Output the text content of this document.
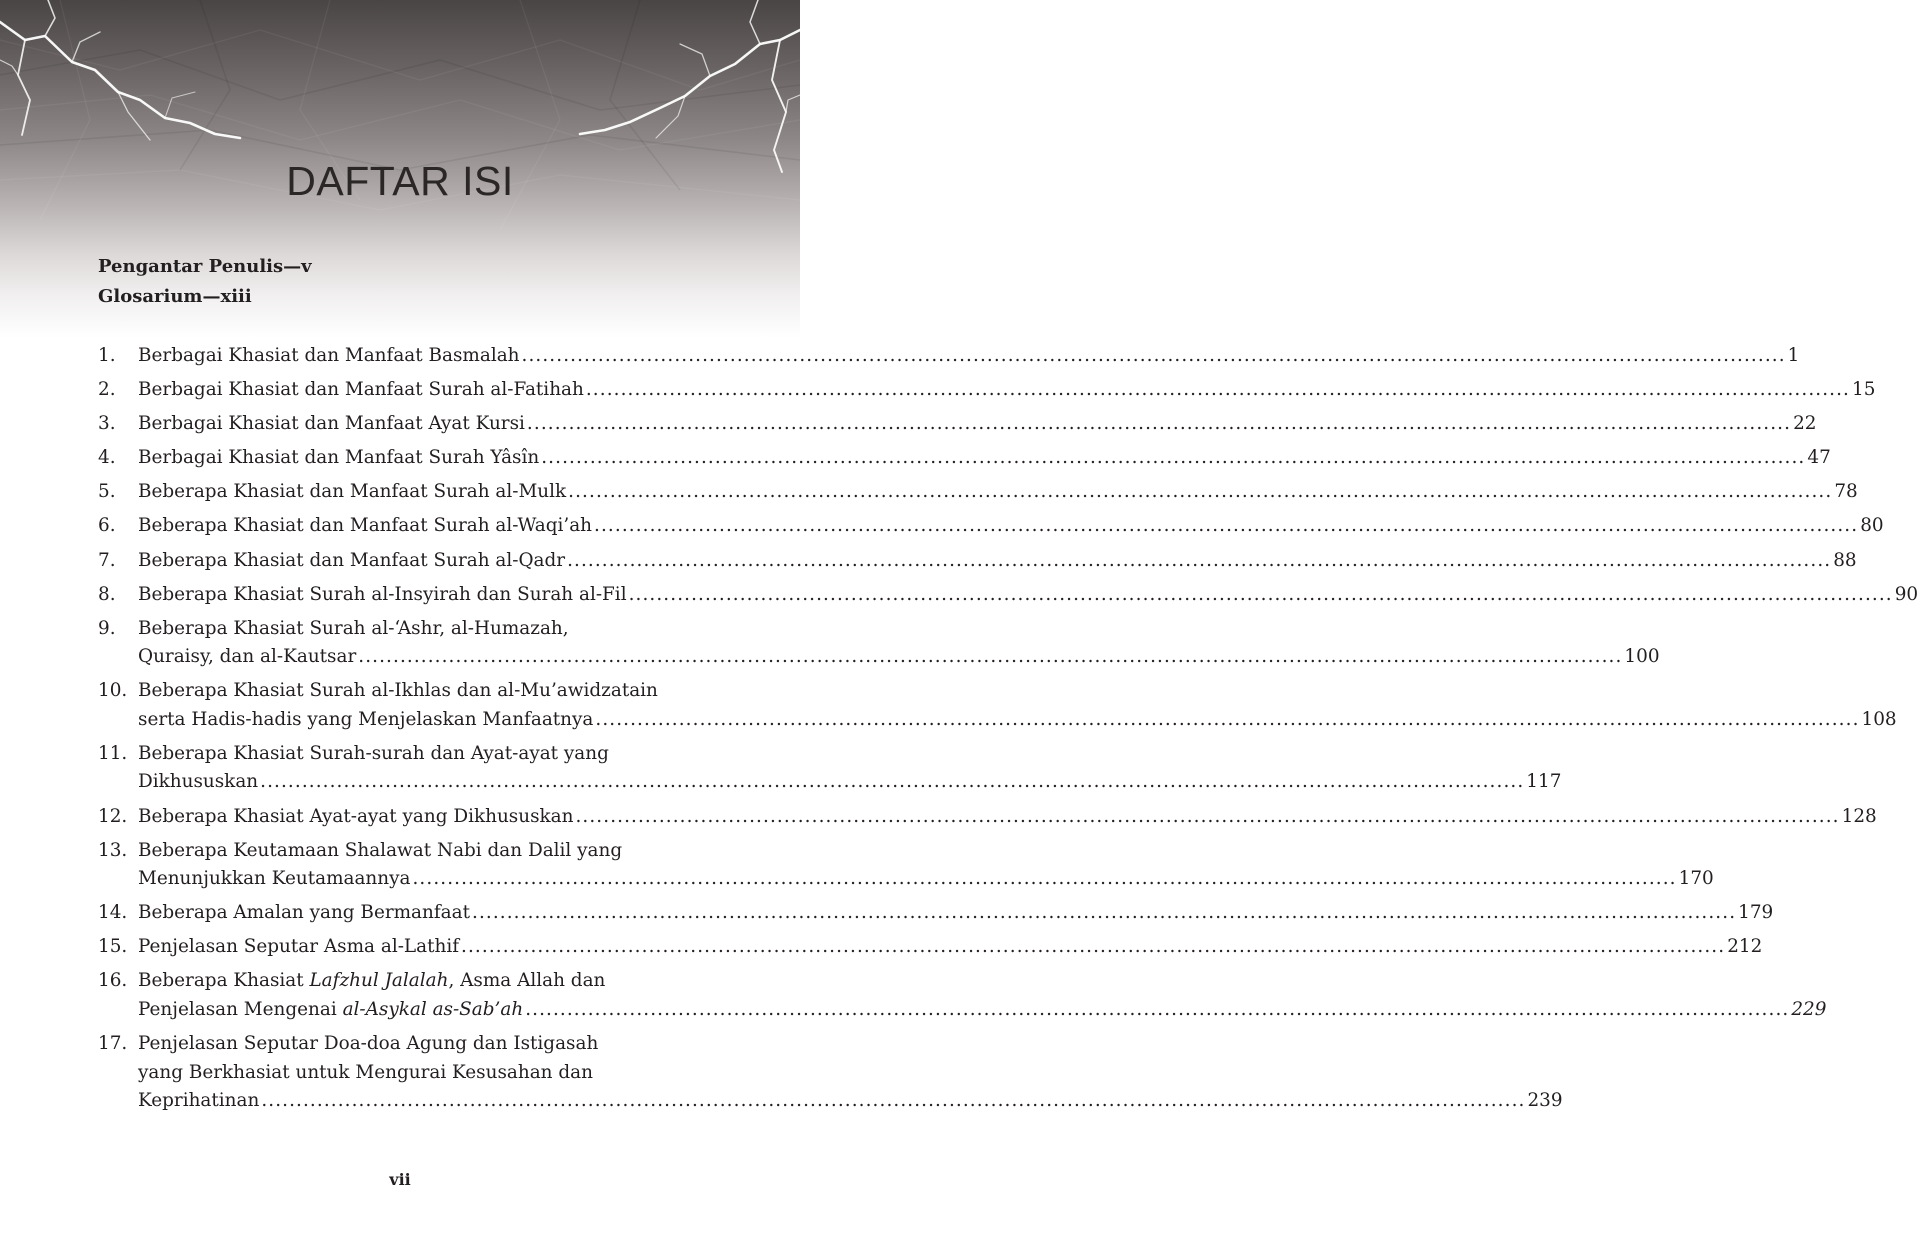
DAFTAR ISI
Pengantar Penulis—v
Glosarium—xiii
1.	Berbagai Khasiat dan Manfaat Basmalah .....	1
2.	Berbagai Khasiat dan Manfaat Surah al-Fatihah .....	15
3.	Berbagai Khasiat dan Manfaat Ayat Kursi .....	22
4.	Berbagai Khasiat dan Manfaat Surah Yâsîn .....	47
5.	Beberapa Khasiat dan Manfaat Surah al-Mulk .....	78
6.	Beberapa Khasiat dan Manfaat Surah al-Waqi’ah .....	80
7.	Beberapa Khasiat dan Manfaat Surah al-Qadr .....	88
8.	Beberapa Khasiat Surah al-Insyirah dan Surah al-Fil .....	90
9.	Beberapa Khasiat Surah al-‘Ashr, al-Humazah,
Quraisy, dan al-Kautsar .....	100
10. Beberapa Khasiat Surah al-Ikhlas dan al-Mu’awidzatain
serta Hadis-hadis yang Menjelaskan Manfaatnya .....	108
11. Beberapa Khasiat Surah-surah dan Ayat-ayat yang
Dikhususkan .....	117
12. Beberapa Khasiat Ayat-ayat yang Dikhususkan .....	128
13. Beberapa Keutamaan Shalawat Nabi dan Dalil yang
Menunjukkan Keutamaannya .....	170
14. Beberapa Amalan yang Bermanfaat .....	179
15. Penjelasan Seputar Asma al-Lathif .....	212
16. Beberapa Khasiat Lafzhul Jalalah, Asma Allah dan
Penjelasan Mengenai al-Asykal as-Sab’ah .....	229
17. Penjelasan Seputar Doa-doa Agung dan Istigasah
yang Berkhasiat untuk Mengurai Kesusahan dan
Keprihatinan .....	239
vii
